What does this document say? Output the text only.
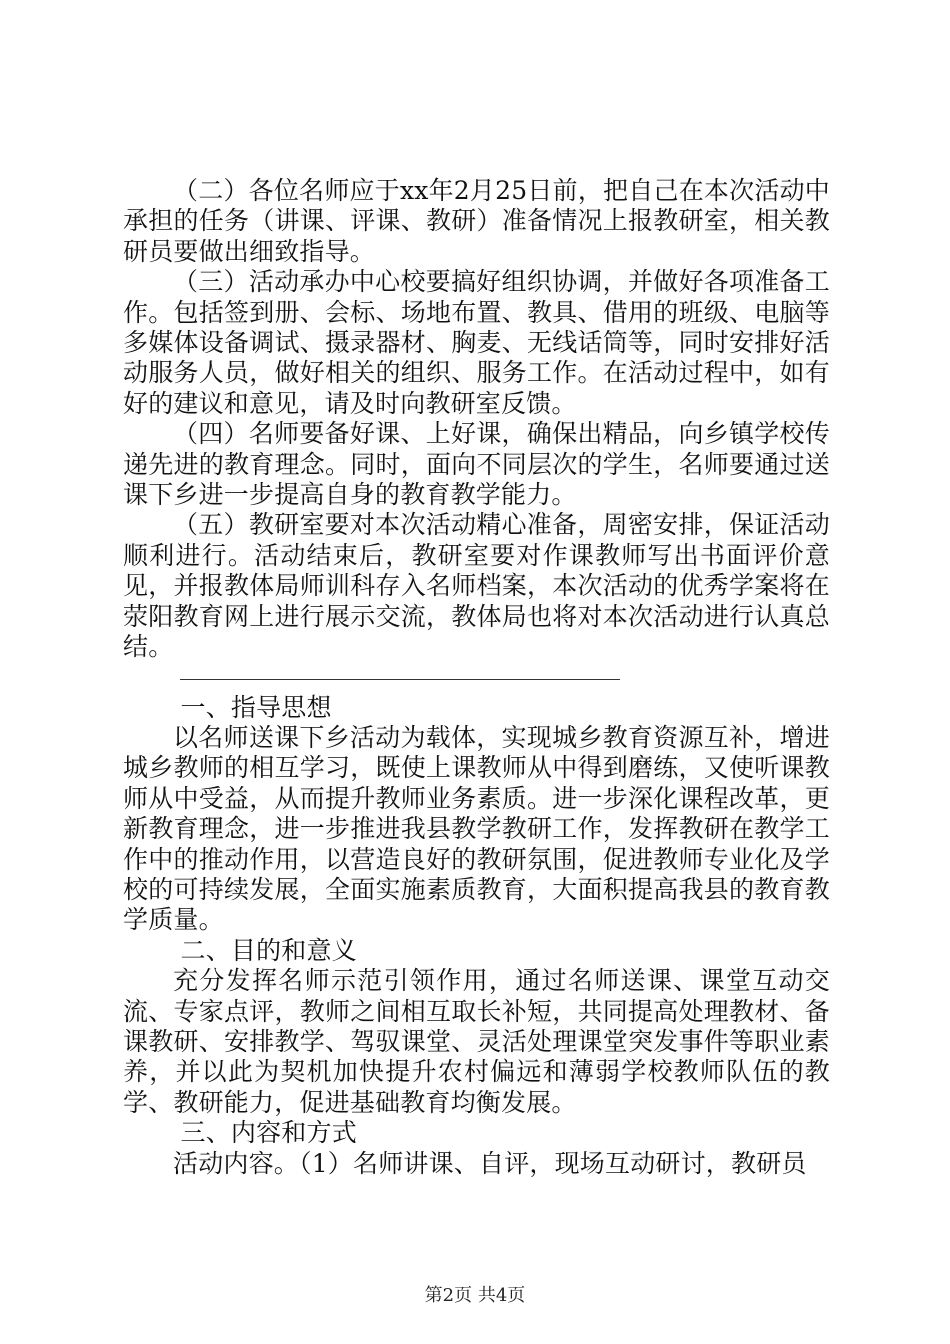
（二）各位名师应于xx年2月25日前，把自己在本次活动中承担的任务（讲课、评课、教研）准备情况上报教研室，相关教研员要做出细致指导。

（三）活动承办中心校要搞好组织协调，并做好各项准备工作。包括签到册、会标、场地布置、教具、借用的班级、电脑等多媒体设备调试、摄录器材、胸麦、无线话筒等，同时安排好活动服务人员，做好相关的组织、服务工作。在活动过程中，如有好的建议和意见，请及时向教研室反馈。

（四）名师要备好课、上好课，确保出精品，向乡镇学校传递先进的教育理念。同时，面向不同层次的学生，名师要通过送课下乡进一步提高自身的教育教学能力。

（五）教研室要对本次活动精心准备，周密安排，保证活动顺利进行。活动结束后，教研室要对作课教师写出书面评价意见，并报教体局师训科存入名师档案，本次活动的优秀学案将在荥阳教育网上进行展示交流，教体局也将对本次活动进行认真总结。

一、指导思想

以名师送课下乡活动为载体，实现城乡教育资源互补，增进城乡教师的相互学习，既使上课教师从中得到磨练，又使听课教师从中受益，从而提升教师业务素质。进一步深化课程改革，更新教育理念，进一步推进我县教学教研工作，发挥教研在教学工作中的推动作用，以营造良好的教研氛围，促进教师专业化及学校的可持续发展，全面实施素质教育，大面积提高我县的教育教学质量。

二、目的和意义

充分发挥名师示范引领作用，通过名师送课、课堂互动交流、专家点评，教师之间相互取长补短，共同提高处理教材、备课教研、安排教学、驾驭课堂、灵活处理课堂突发事件等职业素养，并以此为契机加快提升农村偏远和薄弱学校教师队伍的教学、教研能力，促进基础教育均衡发展。

三、内容和方式

活动内容。（1）名师讲课、自评，现场互动研讨，教研员

第2页 共4页
